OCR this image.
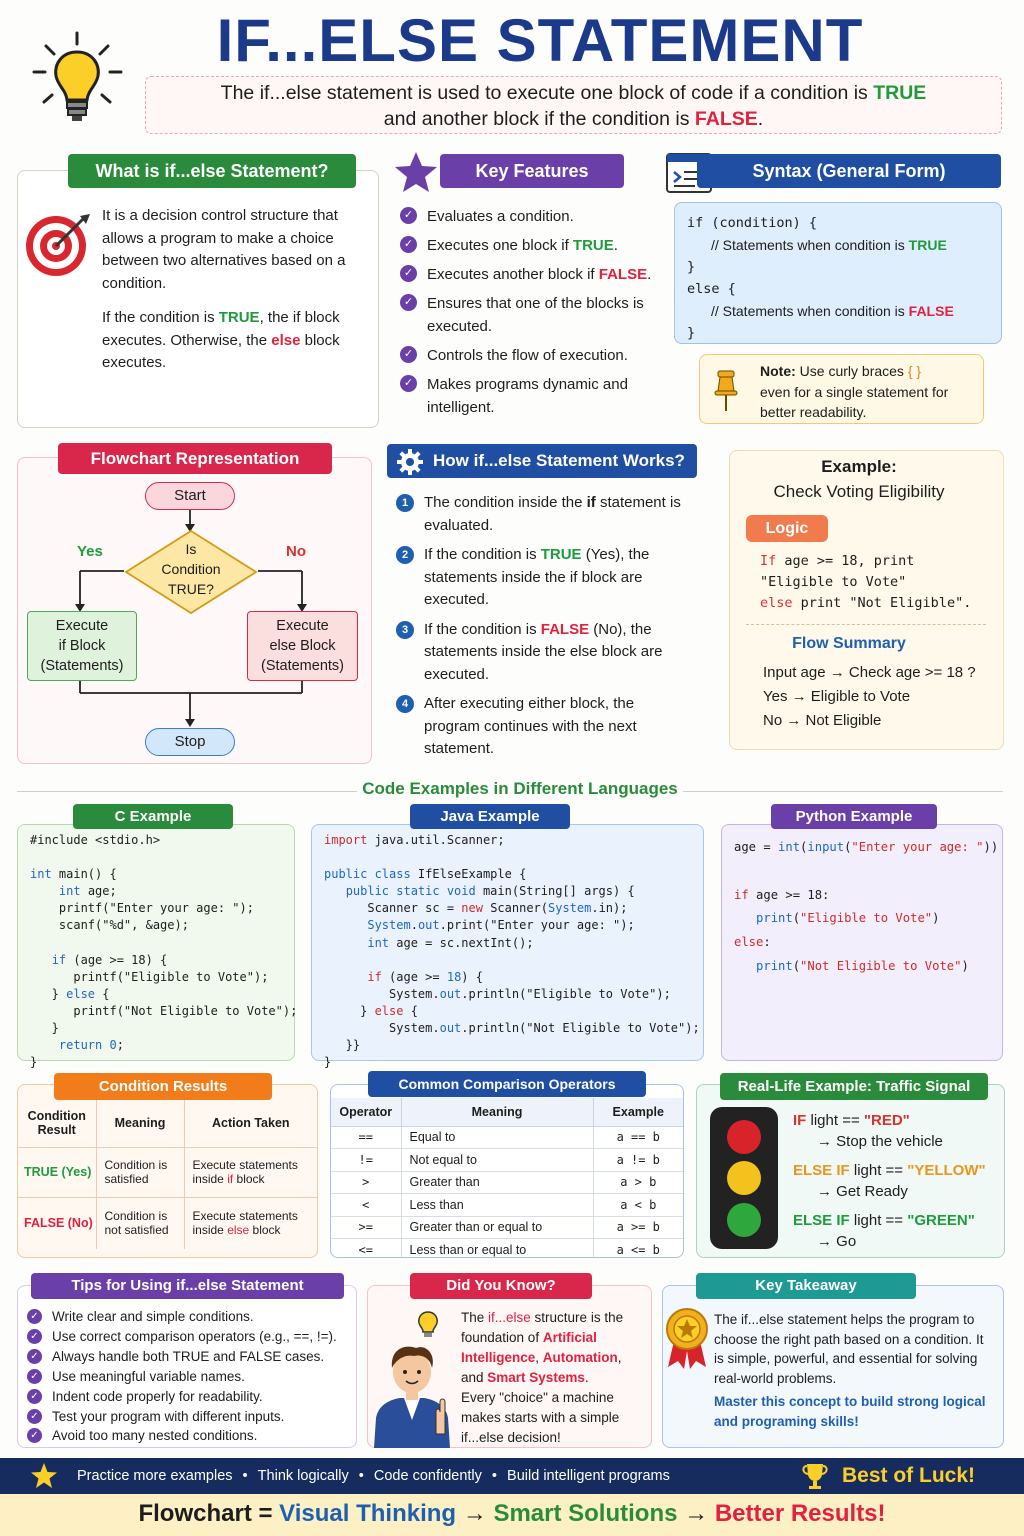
IF...ELSE STATEMENT
The if...else statement is used to execute one block of code if a condition is TRUE
and another block if the condition is FALSE.
What is if...else Statement?
It is a decision control structure that allows a program to make a choice between two alternatives based on a condition.
If the condition is TRUE, the if block executes. Otherwise, the else block executes.
Key Features
✓ Evaluates a condition.
✓ Executes one block if TRUE.
✓ Executes another block if FALSE.
✓ Ensures that one of the blocks is executed.
✓ Controls the flow of execution.
✓ Makes programs dynamic and intelligent.
Syntax (General Form)
if (condition) {
// Statements when condition is TRUE
}
else {
// Statements when condition is FALSE
}
Note: Use curly braces { }
even for a single statement for better readability.
Flowchart Representation
Start
Is
Condition
TRUE?
Yes	No
Execute
if Block
(Statements)
Execute
else Block
(Statements)
Stop
How if...else Statement Works?
1	The condition inside the if statement is evaluated.
2	If the condition is TRUE (Yes), the statements inside the if block are executed.
3	If the condition is FALSE (No), the statements inside the else block are executed.
4	After executing either block, the program continues with the next statement.
Example:
Check Voting Eligibility
Logic
If age >= 18, print
"Eligible to Vote"
else print "Not Eligible".
Flow Summary
Input age → Check age >= 18 ?
Yes → Eligible to Vote
No → Not Eligible
Code Examples in Different Languages
C Example
#include <stdio.h>

int main() {
int age;
printf("Enter your age: ");
scanf("%d", &age);

if (age >= 18) {
printf("Eligible to Vote");
} else {
printf("Not Eligible to Vote");
}
return 0;
}
Java Example
import java.util.Scanner;

public class IfElseExample {
public static void main(String[] args) {
Scanner sc = new Scanner(System.in);
System.out.print("Enter your age: ");
int age = sc.nextInt();

if (age >= 18) {
System.out.println("Eligible to Vote");
} else {
System.out.println("Not Eligible to Vote");
}}
}
Python Example
age = int(input("Enter your age: "))

if age >= 18:
print("Eligible to Vote")
else:
print("Not Eligible to Vote")
Condition Result	Meaning	Action Taken
TRUE (Yes)	Condition is satisfied	Execute statements inside if block
FALSE (No)	Condition is not satisfied	Execute statements inside else block
Condition Results
Operator	Meaning	Example
==	Equal to	a == b
!=	Not equal to	a != b
>	Greater than	a > b
<	Less than	a < b
>=	Greater than or equal to	a >= b
<=	Less than or equal to	a <= b
Common Comparison Operators	Real-Life Example: Traffic Signal
IF light == "RED"
→ Stop the vehicle
ELSE IF light == "YELLOW"
→ Get Ready
ELSE IF light == "GREEN"
→ Go
Tips for Using if...else Statement
✓ Write clear and simple conditions.
✓ Use correct comparison operators (e.g., ==, !=).
✓ Always handle both TRUE and FALSE cases.
✓ Use meaningful variable names.
✓ Indent code properly for readability.
✓ Test your program with different inputs.
✓ Avoid too many nested conditions.
Did You Know?
The if...else structure is the foundation of Artificial Intelligence, Automation, and Smart Systems.
Every "choice" a machine makes starts with a simple if...else decision!
Key Takeaway
The if...else statement helps the program to choose the right path based on a condition. It is simple, powerful, and essential for solving real-world problems.
Master this concept to build strong logical and programing skills!
Practice more examples • Think logically • Code confidently • Build intelligent programs	Best of Luck!
Flowchart = Visual Thinking → Smart Solutions → Better Results!
